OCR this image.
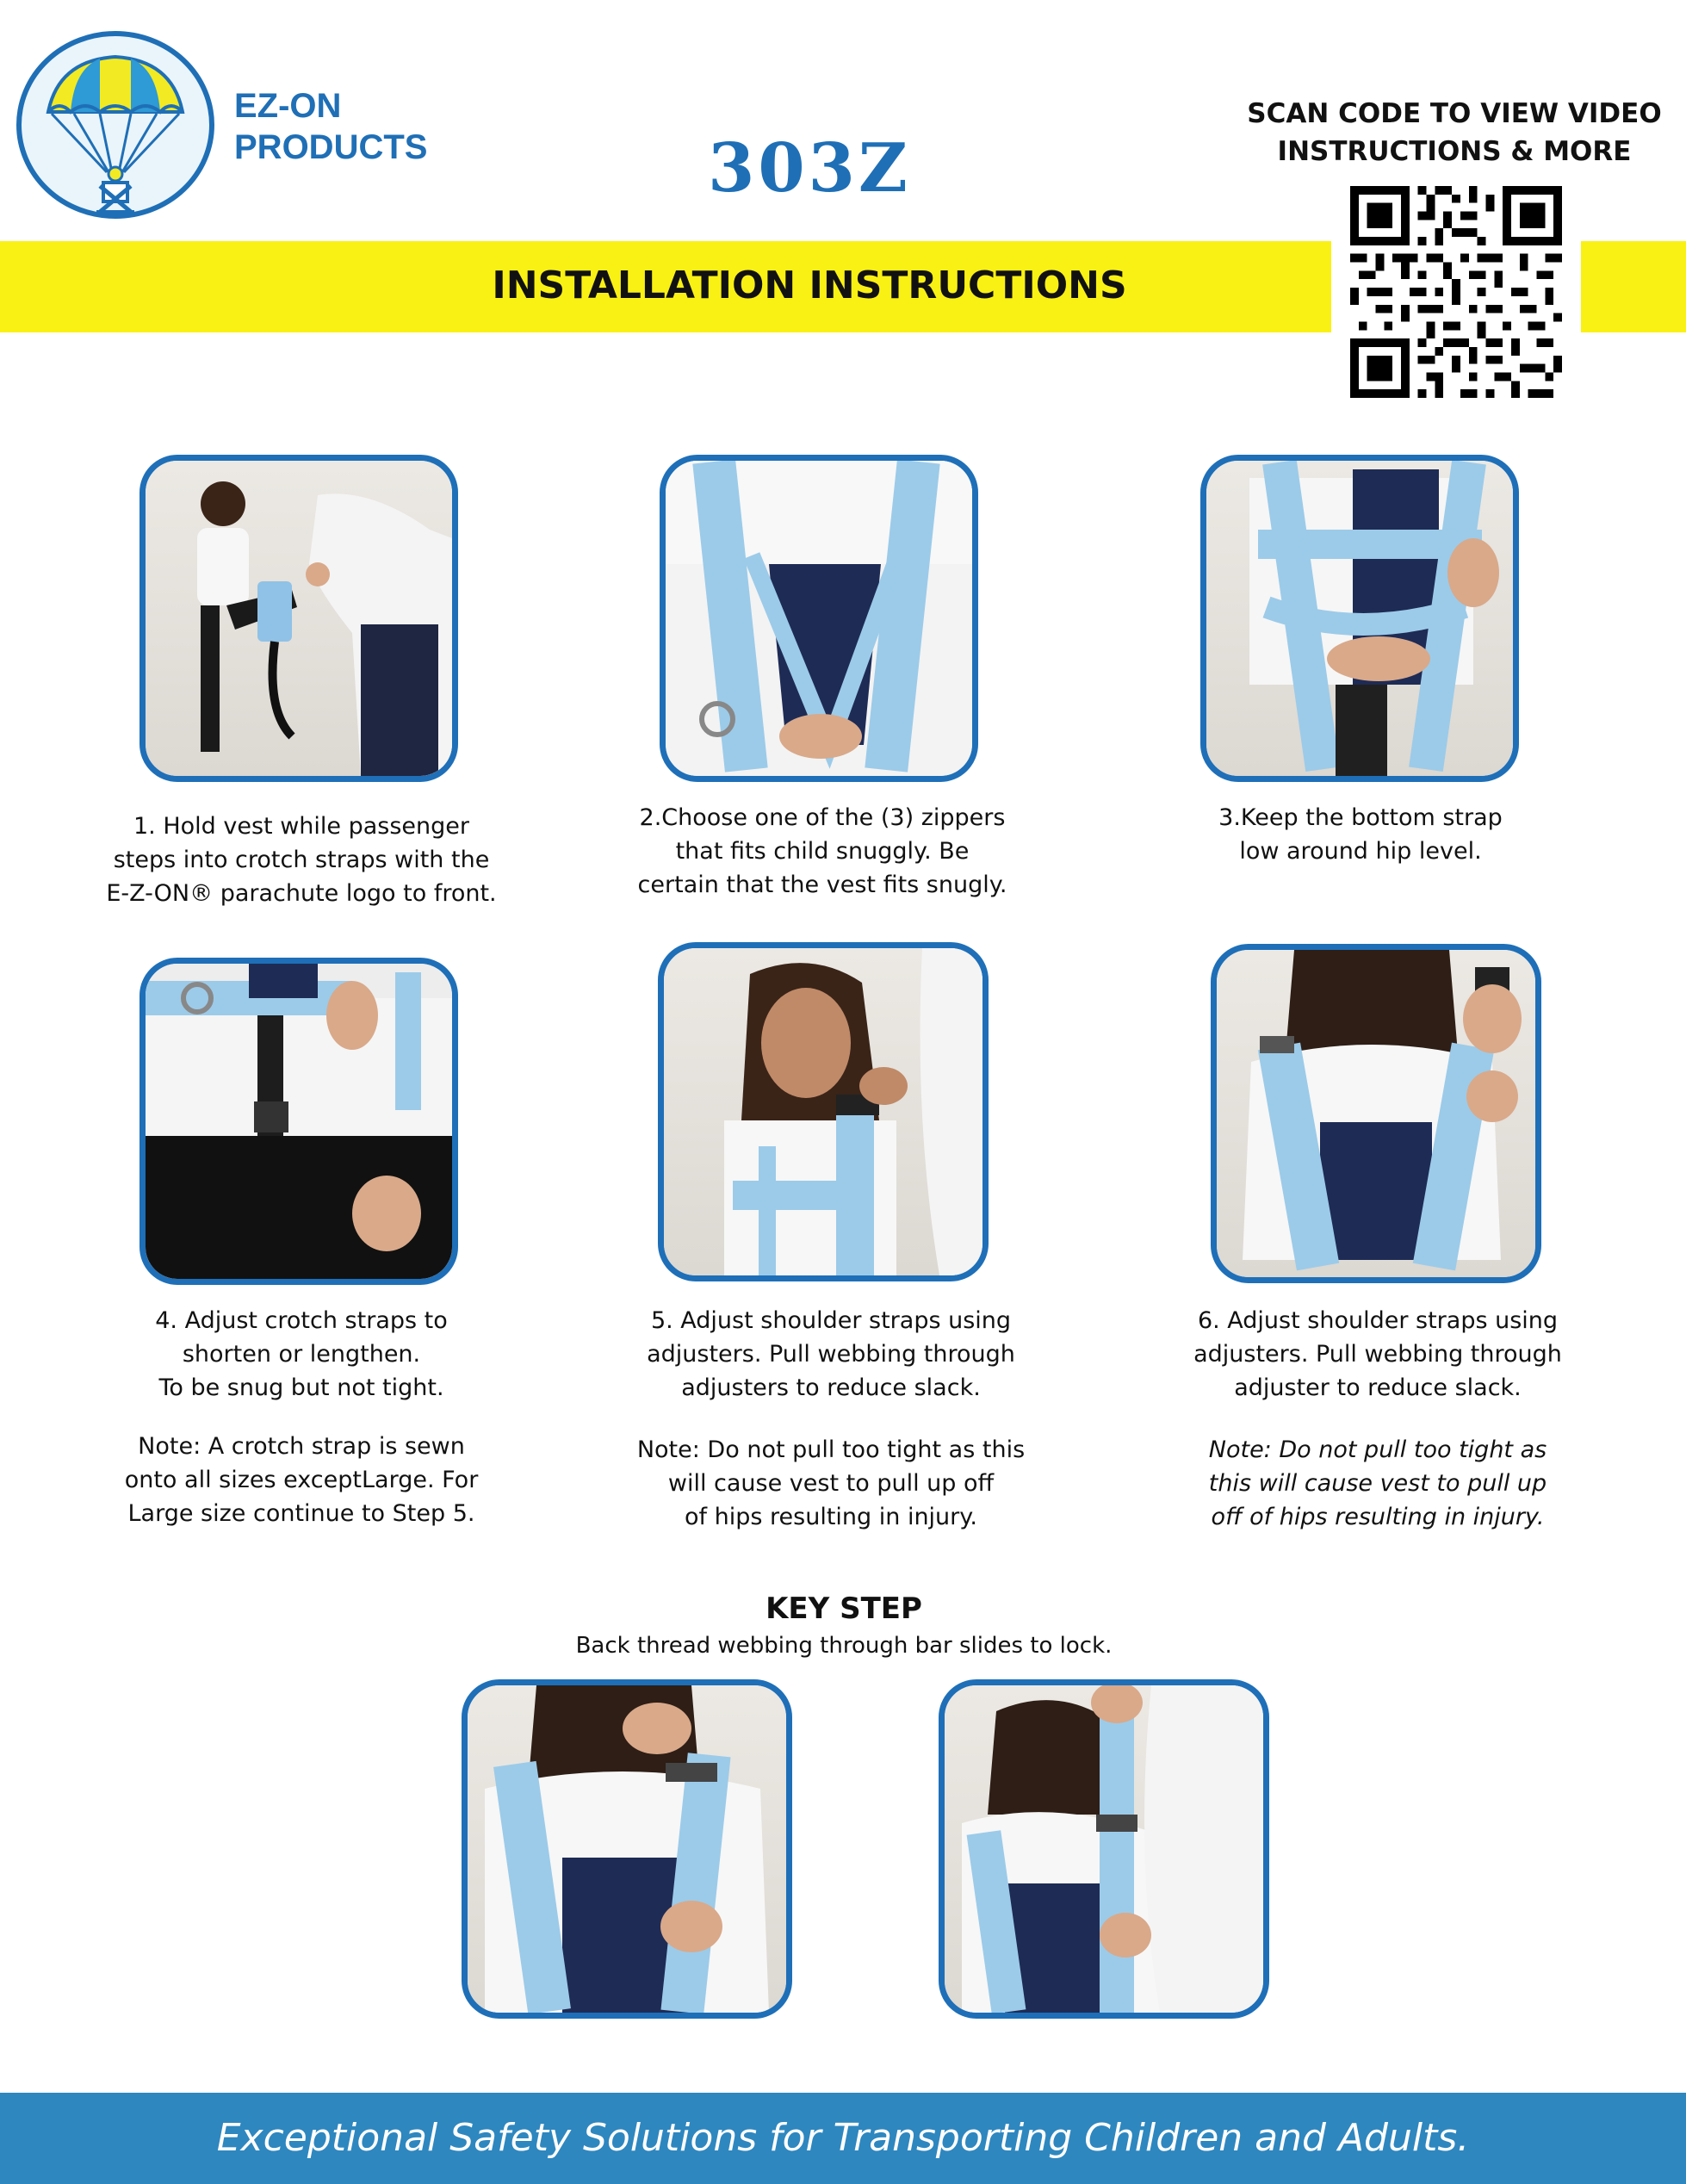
EZ-ON
PRODUCTS	303Z
SCAN CODE TO VIEW VIDEO
INSTRUCTIONS & MORE
INSTALLATION INSTRUCTIONS

1. Hold vest while passenger

steps into crotch straps with the

E-Z-ON® parachute logo to front.

2.Choose one of the (3) zippers

that fits child snuggly. Be

certain that the vest fits snugly.

3.Keep the bottom strap

low around hip level.

4. Adjust crotch straps to

shorten or lengthen.

To be snug but not tight.

Note: A crotch strap is sewn

onto all sizes exceptLarge. For

Large size continue to Step 5.

5. Adjust shoulder straps using

adjusters. Pull webbing through

adjusters to reduce slack.

Note: Do not pull too tight as this

will cause vest to pull up off

of hips resulting in injury.

6. Adjust shoulder straps using

adjusters. Pull webbing through

adjuster to reduce slack.

Note: Do not pull too tight as

this will cause vest to pull up

off of hips resulting in injury.

KEY STEP
Back thread webbing through bar slides to lock.
Exceptional Safety Solutions for Transporting Children and Adults.
